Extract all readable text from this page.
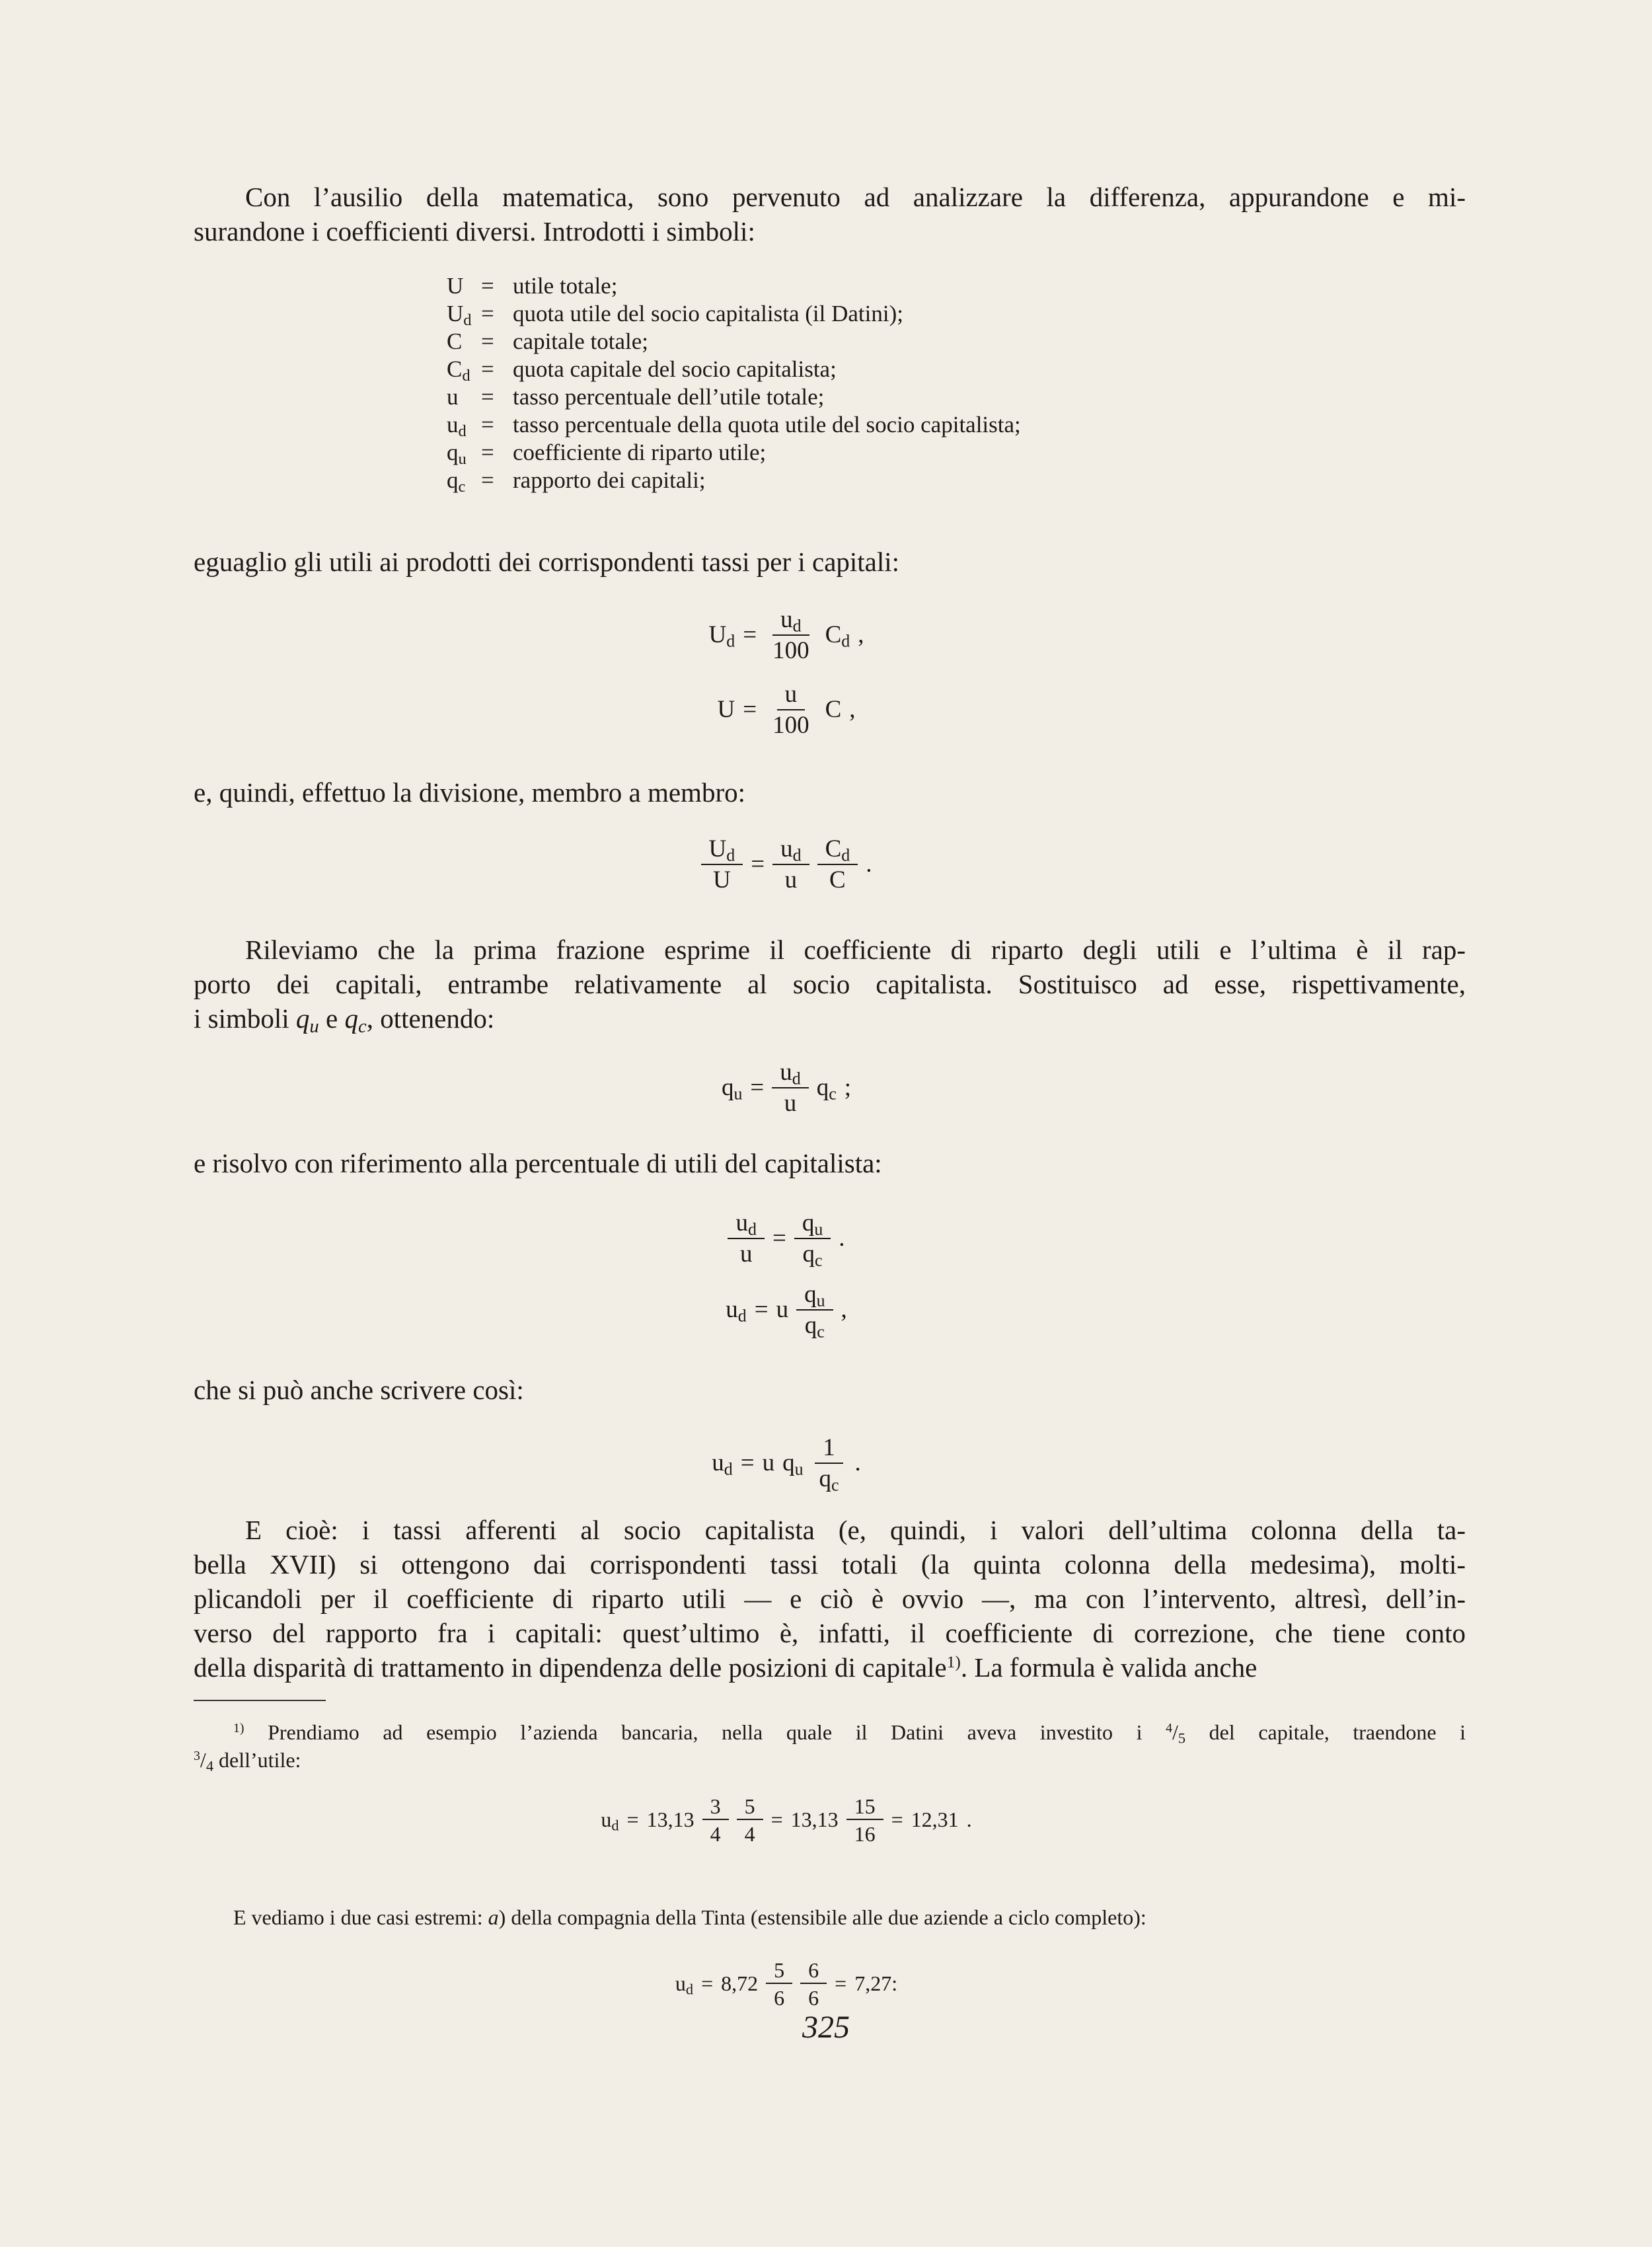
Con l’ausilio della matematica, sono pervenuto ad analizzare la differenza, appurandone e mi-
surandone i coefficienti diversi. Introdotti i simboli:
U = utile totale;
$U_d$ = quota utile del socio capitalista (il Datini);
C = capitale totale;
$C_d$ = quota capitale del socio capitalista;
u = tasso percentuale dell’utile totale;
$u_d$ = tasso percentuale della quota utile del socio capitalista;
$q_u$ = coefficiente di riparto utile;
$q_c$ = rapporto dei capitali;
eguaglio gli utili ai prodotti dei corrispondenti tassi per i capitali:
$U_d = \frac{u_d}{100} C_d$ ,
$U = \frac{u}{100}$ C ,
e, quindi, effettuo la divisione, membro a membro:
$\frac{U_d}{U} = \frac{u_d}{u} \frac{C_d}{C}$ .
Rileviamo che la prima frazione esprime il coefficiente di riparto degli utili e l’ultima è il rap-
porto dei capitali, entrambe relativamente al socio capitalista. Sostituisco ad esse, rispettivamente,
i simboli $q_u$ e $q_c$, ottenendo:
$q_u = \frac{u_d}{u} q_c$ ;
e risolvo con riferimento alla percentuale di utili del capitalista:
$\frac{u_d}{u} = \frac{q_u}{q_c}$ .
$u_d = u \frac{q_u}{q_c}$ ,
che si può anche scrivere così:
$u_d = u$ $q_u \frac{1}{q_c}$ .
E cioè: i tassi afferenti al socio capitalista (e, quindi, i valori dell’ultima colonna della ta-
bella XVII) si ottengono dai corrispondenti tassi totali (la quinta colonna della medesima), molti-
plicandoli per il coefficiente di riparto utili — e ciò è ovvio —, ma con l’intervento, altresì, dell’in-
verso del rapporto fra i capitali: quest’ultimo è, infatti, il coefficiente di correzione, che tiene conto
della disparità di trattamento in dipendenza delle posizioni di capitale$^{1)}$. La formula è valida anche
$^{1)}$ Prendiamo ad esempio l’azienda bancaria, nella quale il Datini aveva investito i $^4/_5$ del capitale, traendone i
$^3/_4$ dell’utile:
$u_d = 13,13 \frac{3}{4} \frac{5}{4} = 13,13 \frac{15}{16} = 12,31$ .
E vediamo i due casi estremi: a) della compagnia della Tinta (estensibile alle due aziende a ciclo completo):
$u_d = 8,72 \frac{5}{6} \frac{6}{6} = 7,27$:
325
